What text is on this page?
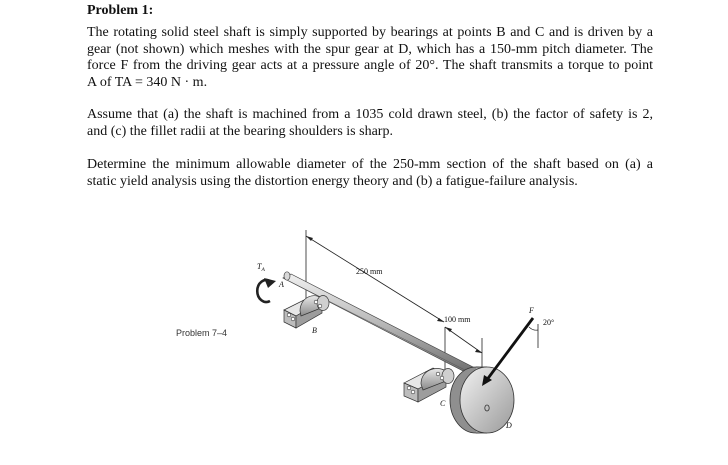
Problem 1:
The rotating solid steel shaft is simply supported by bearings at points B and C and is driven by a
gear (not shown) which meshes with the spur gear at D, which has a 150-mm pitch diameter. The
force F from the driving gear acts at a pressure angle of 20°. The shaft transmits a torque to point
A of TA = 340 N · m.
Assume that (a) the shaft is machined from a 1035 cold drawn steel, (b) the factor of safety is 2,
and (c) the fillet radii at the bearing shoulders is sharp.
Determine the minimum allowable diameter of the 250-mm section of the shaft based on (a) a
static yield analysis using the distortion energy theory and (b) a fatigue-failure analysis.
Problem 7–4
250 mm
100 mm
$T_A$
A
B
C
D
F
20°
